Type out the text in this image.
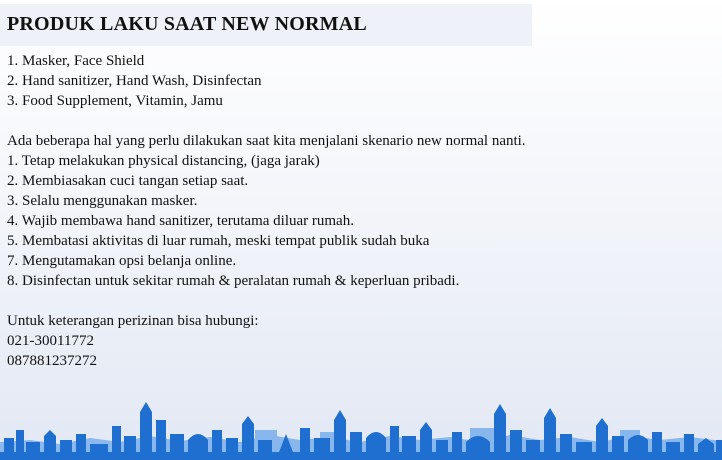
PRODUK LAKU SAAT NEW NORMAL
1. Masker, Face Shield
2. Hand sanitizer, Hand Wash, Disinfectan
3. Food Supplement, Vitamin, Jamu
Ada beberapa hal yang perlu dilakukan saat kita menjalani skenario new normal nanti.
1. Tetap melakukan physical distancing, (jaga jarak)
2. Membiasakan cuci tangan setiap saat.
3. Selalu menggunakan masker.
4. Wajib membawa hand sanitizer, terutama diluar rumah.
5. Membatasi aktivitas di luar rumah, meski tempat publik sudah buka
7. Mengutamakan opsi belanja online.
8. Disinfectan untuk sekitar rumah & peralatan rumah & keperluan pribadi.
Untuk keterangan perizinan bisa hubungi:
021-30011772
087881237272
